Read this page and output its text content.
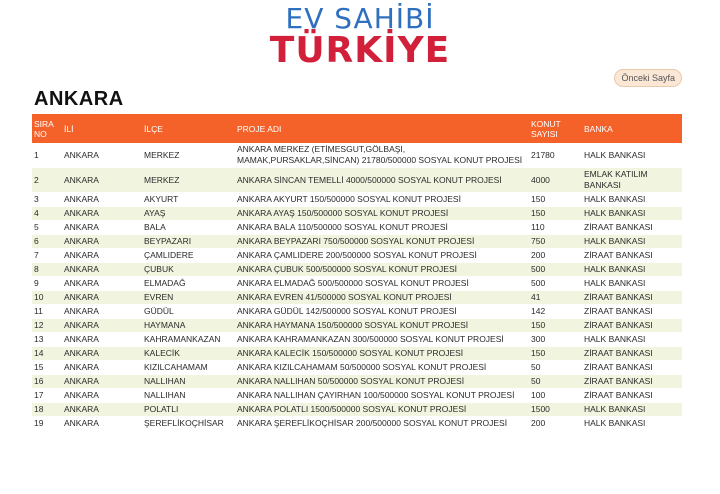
EV SAHİBİ
TÜRKİYE
Önceki Sayfa
ANKARA
SIRA NO	İLİ	İLÇE	PROJE ADI	KONUT SAYISI	BANKA
1	ANKARA	MERKEZ	ANKARA MERKEZ (ETİMESGUT,GÖLBAŞI, MAMAK,PURSAKLAR,SİNCAN) 21780/500000 SOSYAL KONUT PROJESİ	21780	HALK BANKASI
2	ANKARA	MERKEZ	ANKARA SİNCAN TEMELLİ 4000/500000 SOSYAL KONUT PROJESİ	4000	EMLAK KATILIM BANKASI
3	ANKARA	AKYURT	ANKARA AKYURT 150/500000 SOSYAL KONUT PROJESİ	150	HALK BANKASI
4	ANKARA	AYAŞ	ANKARA AYAŞ 150/500000 SOSYAL KONUT PROJESİ	150	HALK BANKASI
5	ANKARA	BALA	ANKARA BALA 110/500000 SOSYAL KONUT PROJESİ	110	ZİRAAT BANKASI
6	ANKARA	BEYPAZARI	ANKARA BEYPAZARI 750/500000 SOSYAL KONUT PROJESİ	750	HALK BANKASI
7	ANKARA	ÇAMLIDERE	ANKARA ÇAMLIDERE 200/500000 SOSYAL KONUT PROJESİ	200	ZİRAAT BANKASI
8	ANKARA	ÇUBUK	ANKARA ÇUBUK 500/500000 SOSYAL KONUT PROJESİ	500	HALK BANKASI
9	ANKARA	ELMADAĞ	ANKARA ELMADAĞ 500/500000 SOSYAL KONUT PROJESİ	500	HALK BANKASI
10	ANKARA	EVREN	ANKARA EVREN 41/500000 SOSYAL KONUT PROJESİ	41	ZİRAAT BANKASI
11	ANKARA	GÜDÜL	ANKARA GÜDÜL 142/500000 SOSYAL KONUT PROJESİ	142	ZİRAAT BANKASI
12	ANKARA	HAYMANA	ANKARA HAYMANA 150/500000 SOSYAL KONUT PROJESİ	150	ZİRAAT BANKASI
13	ANKARA	KAHRAMANKAZAN	ANKARA KAHRAMANKAZAN 300/500000 SOSYAL KONUT PROJESİ	300	HALK BANKASI
14	ANKARA	KALECİK	ANKARA KALECİK 150/500000 SOSYAL KONUT PROJESİ	150	ZİRAAT BANKASI
15	ANKARA	KIZILCAHAMAM	ANKARA KIZILCAHAMAM 50/500000 SOSYAL KONUT PROJESİ	50	ZİRAAT BANKASI
16	ANKARA	NALLIHAN	ANKARA NALLIHAN 50/500000 SOSYAL KONUT PROJESİ	50	ZİRAAT BANKASI
17	ANKARA	NALLIHAN	ANKARA NALLIHAN ÇAYIRHAN 100/500000 SOSYAL KONUT PROJESİ	100	ZİRAAT BANKASI
18	ANKARA	POLATLI	ANKARA POLATLI 1500/500000 SOSYAL KONUT PROJESİ	1500	HALK BANKASI
19	ANKARA	ŞEREFLİKOÇHİSAR	ANKARA ŞEREFLİKOÇHİSAR 200/500000 SOSYAL KONUT PROJESİ	200	HALK BANKASI
